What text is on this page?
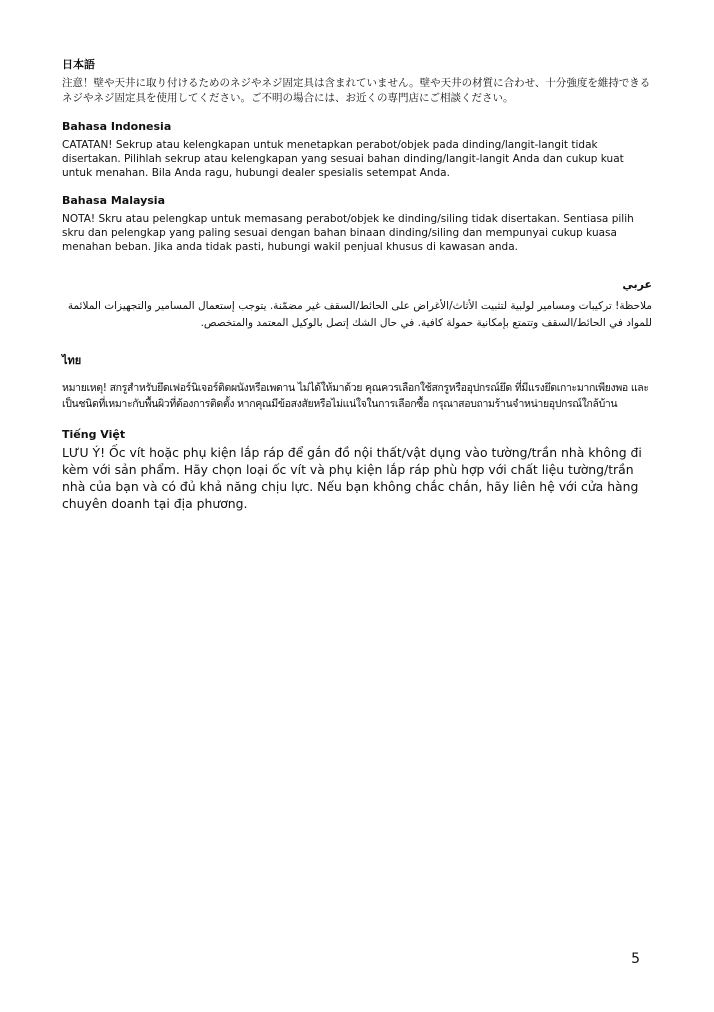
日本語

注意！壁や天井に取り付けるためのネジやネジ固定具は含まれていません。壁や天井の材質に合わせ、十分強度を維持できるネジやネジ固定具を使用してください。ご不明の場合には、お近くの専門店にご相談ください。

Bahasa Indonesia

CATATAN! Sekrup atau kelengkapan untuk menetapkan perabot/objek pada dinding/langit-langit tidak disertakan. Pilihlah sekrup atau kelengkapan yang sesuai bahan dinding/langit-langit Anda dan cukup kuat untuk menahan. Bila Anda ragu, hubungi dealer spesialis setempat Anda.

Bahasa Malaysia

NOTA! Skru atau pelengkap untuk memasang perabot/objek ke dinding/siling tidak disertakan. Sentiasa pilih skru dan pelengkap yang paling sesuai dengan bahan binaan dinding/siling dan mempunyai cukup kuasa menahan beban. Jika anda tidak pasti, hubungi wakil penjual khusus di kawasan anda.

عربي

ملاحظة! تركيبات ومسامير لولبية لتثبيت الأثاث/الأغراض على الحائط/السقف غير مضمّنة. يتوجب إستعمال المسامير والتجهيزات الملائمة للمواد في الحائط/السقف وتتمتع بإمكانية حمولة كافية. في حال الشك إتصل بالوكيل المعتمد والمتخصص.

ไทย

หมายเหตุ! สกรูสำหรับยึดเฟอร์นิเจอร์ติดผนังหรือเพดาน ไม่ได้ให้มาด้วย คุณควรเลือกใช้สกรูหรืออุปกรณ์ยึด ที่มีแรงยึดเกาะมากเพียงพอ และเป็นชนิดที่เหมาะกับพื้นผิวที่ต้องการติดตั้ง หากคุณมีข้อสงสัยหรือไม่แน่ใจในการเลือกซื้อ กรุณาสอบถามร้านจำหน่ายอุปกรณ์ใกล้บ้าน

Tiếng Việt

LƯU Ý! Ốc vít hoặc phụ kiện lắp ráp để gắn đồ nội thất/vật dụng vào tường/trần nhà không đi kèm với sản phẩm. Hãy chọn loại ốc vít và phụ kiện lắp ráp phù hợp với chất liệu tường/trần nhà của bạn và có đủ khả năng chịu lực. Nếu bạn không chắc chắn, hãy liên hệ với cửa hàng chuyên doanh tại địa phương.

5
